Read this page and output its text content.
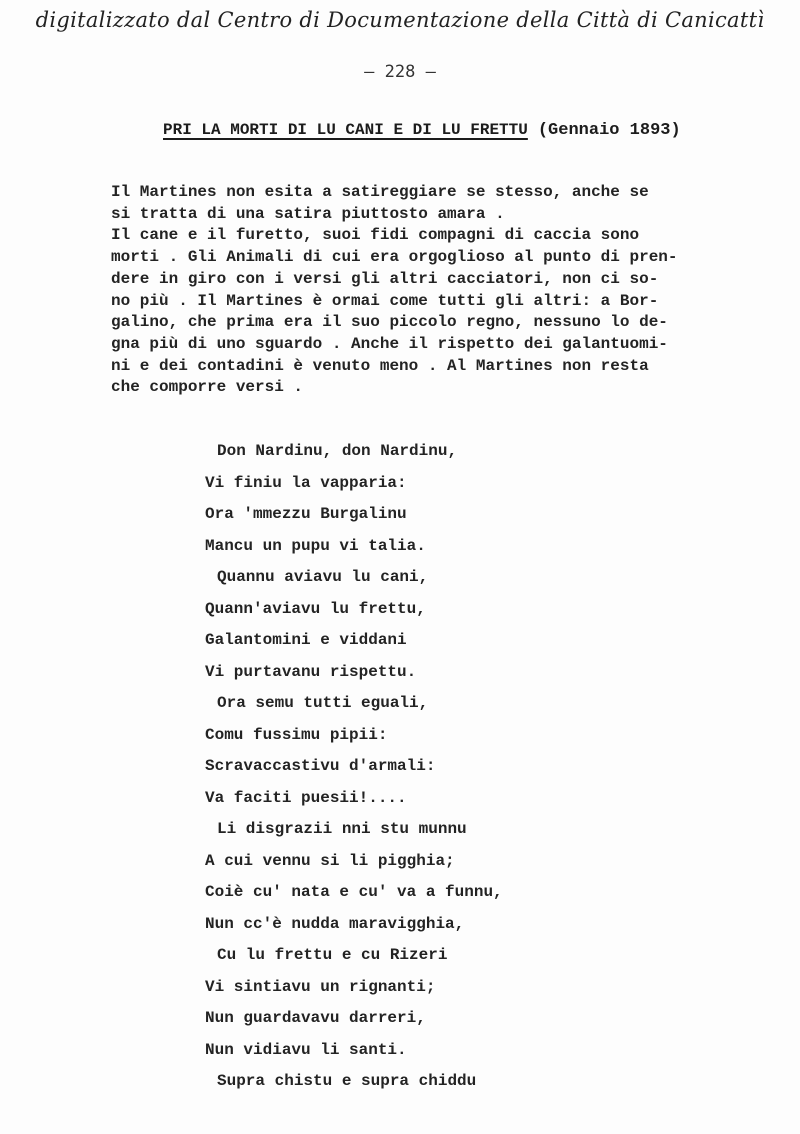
digitalizzato dal Centro di Documentazione della Città di Canicattì
– 228 –
PRI LA MORTI DI LU CANI E DI LU FRETTU (Gennaio 1893)

Il Martines non esita a satireggiare se stesso, anche se
si tratta di una satira piuttosto amara .
Il cane e il furetto, suoi fidi compagni di caccia sono
morti . Gli Animali di cui era orgoglioso al punto di pren-
dere in giro con i versi gli altri cacciatori, non ci so-
no più . Il Martines è ormai come tutti gli altri: a Bor-
galino, che prima era il suo piccolo regno, nessuno lo de-
gna più di uno sguardo . Anche il rispetto dei galantuomi-
ni e dei contadini è venuto meno . Al Martines non resta
che comporre versi .

Don Nardinu, don Nardinu,
Vi finiu la vapparia:
Ora 'mmezzu Burgalinu
Mancu un pupu vi talia.
Quannu aviavu lu cani,
Quann'aviavu lu frettu,
Galantomini e viddani
Vi purtavanu rispettu.
Ora semu tutti eguali,
Comu fussimu pipii:
Scravaccastivu d'armali:
Va faciti puesii!....
Li disgrazii nni stu munnu
A cui vennu si li pigghia;
Coiè cu' nata e cu' va a funnu,
Nun cc'è nudda maravigghia,
Cu lu frettu e cu Rizeri
Vi sintiavu un rignanti;
Nun guardavavu darreri,
Nun vidiavu li santi.
Supra chistu e supra chiddu
